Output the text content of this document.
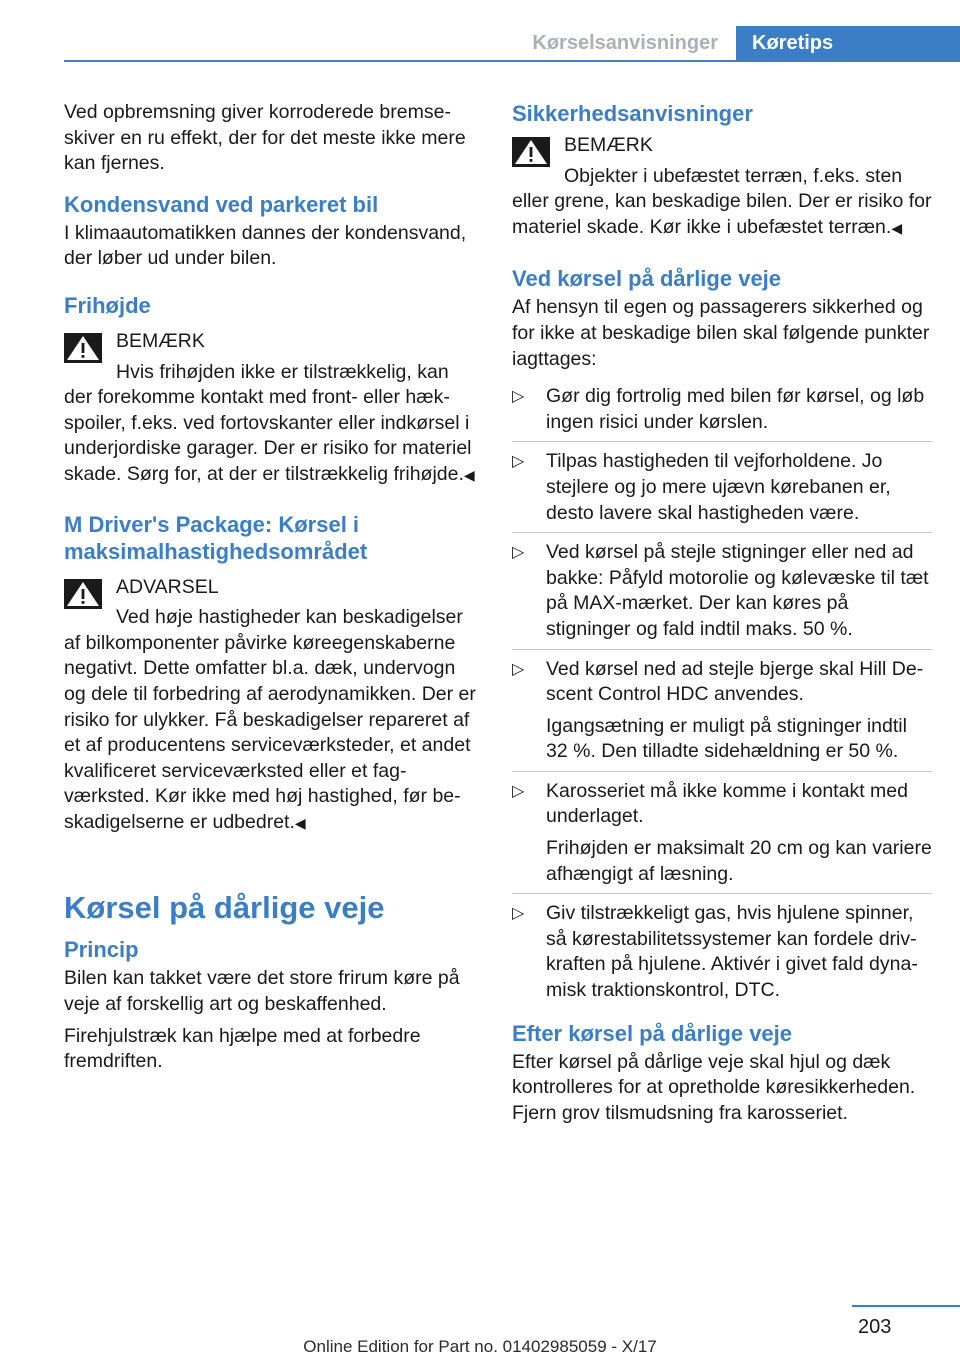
Kørselsanvisninger	Køretips

Ved opbremsning giver korroderede bremseskiver en ru effekt, der for det meste ikke mere kan fjernes.

Kondensvand ved parkeret bil

I klimaautomatikken dannes der kondensvand, der løber ud under bilen.

Frihøjde
BEMÆRK
Hvis frihøjden ikke er tilstrækkelig, kan der forekomme kontakt med front- eller hækspoiler, f.eks. ved fortovskanter eller indkørsel i underjordiske garager. Der er risiko for materiel skade. Sørg for, at der er tilstrækkelig frihøjde.◀
M Driver's Package: Kørsel i maksimalhastighedsområdet
ADVARSEL
Ved høje hastigheder kan beskadigelser af bilkomponenter påvirke køreegenskaberne negativt. Dette omfatter bl.a. dæk, undervogn og dele til forbedring af aerodynamikken. Der er risiko for ulykker. Få beskadigelser repareret af et af producentens serviceværksteder, et andet kvalificeret serviceværksted eller et fagværksted. Kør ikke med høj hastighed, før beskadigelserne er udbedret.◀
Kørsel på dårlige veje
Princip

Bilen kan takket være det store frirum køre på veje af forskellig art og beskaffenhed.

Firehjulstræk kan hjælpe med at forbedre fremdriften.

Sikkerhedsanvisninger
BEMÆRK
Objekter i ubefæstet terræn, f.eks. sten eller grene, kan beskadige bilen. Der er risiko for materiel skade. Kør ikke i ubefæstet terræn.◀
Ved kørsel på dårlige veje

Af hensyn til egen og passagerers sikkerhed og for ikke at beskadige bilen skal følgende punkter iagttages:

▷ Gør dig fortrolig med bilen før kørsel, og løb ingen risici under kørslen.

▷ Tilpas hastigheden til vejforholdene. Jo stejlere og jo mere ujævn kørebanen er, desto lavere skal hastigheden være.

▷ Ved kørsel på stejle stigninger eller ned ad bakke: Påfyld motorolie og kølevæske til tæt på MAX-mærket. Der kan køres på stigninger og fald indtil maks. 50 %.

▷ Ved kørsel ned ad stejle bjerge skal Hill Descent Control HDC anvendes.

Igangsætning er muligt på stigninger indtil 32 %. Den tilladte sidehældning er 50 %.

▷ Karosseriet må ikke komme i kontakt med underlaget.

Frihøjden er maksimalt 20 cm og kan variere afhængigt af læsning.

▷ Giv tilstrækkeligt gas, hvis hjulene spinner, så kørestabilitetssystemer kan fordele drivkraften på hjulene. Aktivér i givet fald dynamisk traktionskontrol, DTC.

Efter kørsel på dårlige veje

Efter kørsel på dårlige veje skal hjul og dæk kontrolleres for at opretholde køresikkerheden. Fjern grov tilsmudsning fra karosseriet.

203
Online Edition for Part no. 01402985059 - X/17
